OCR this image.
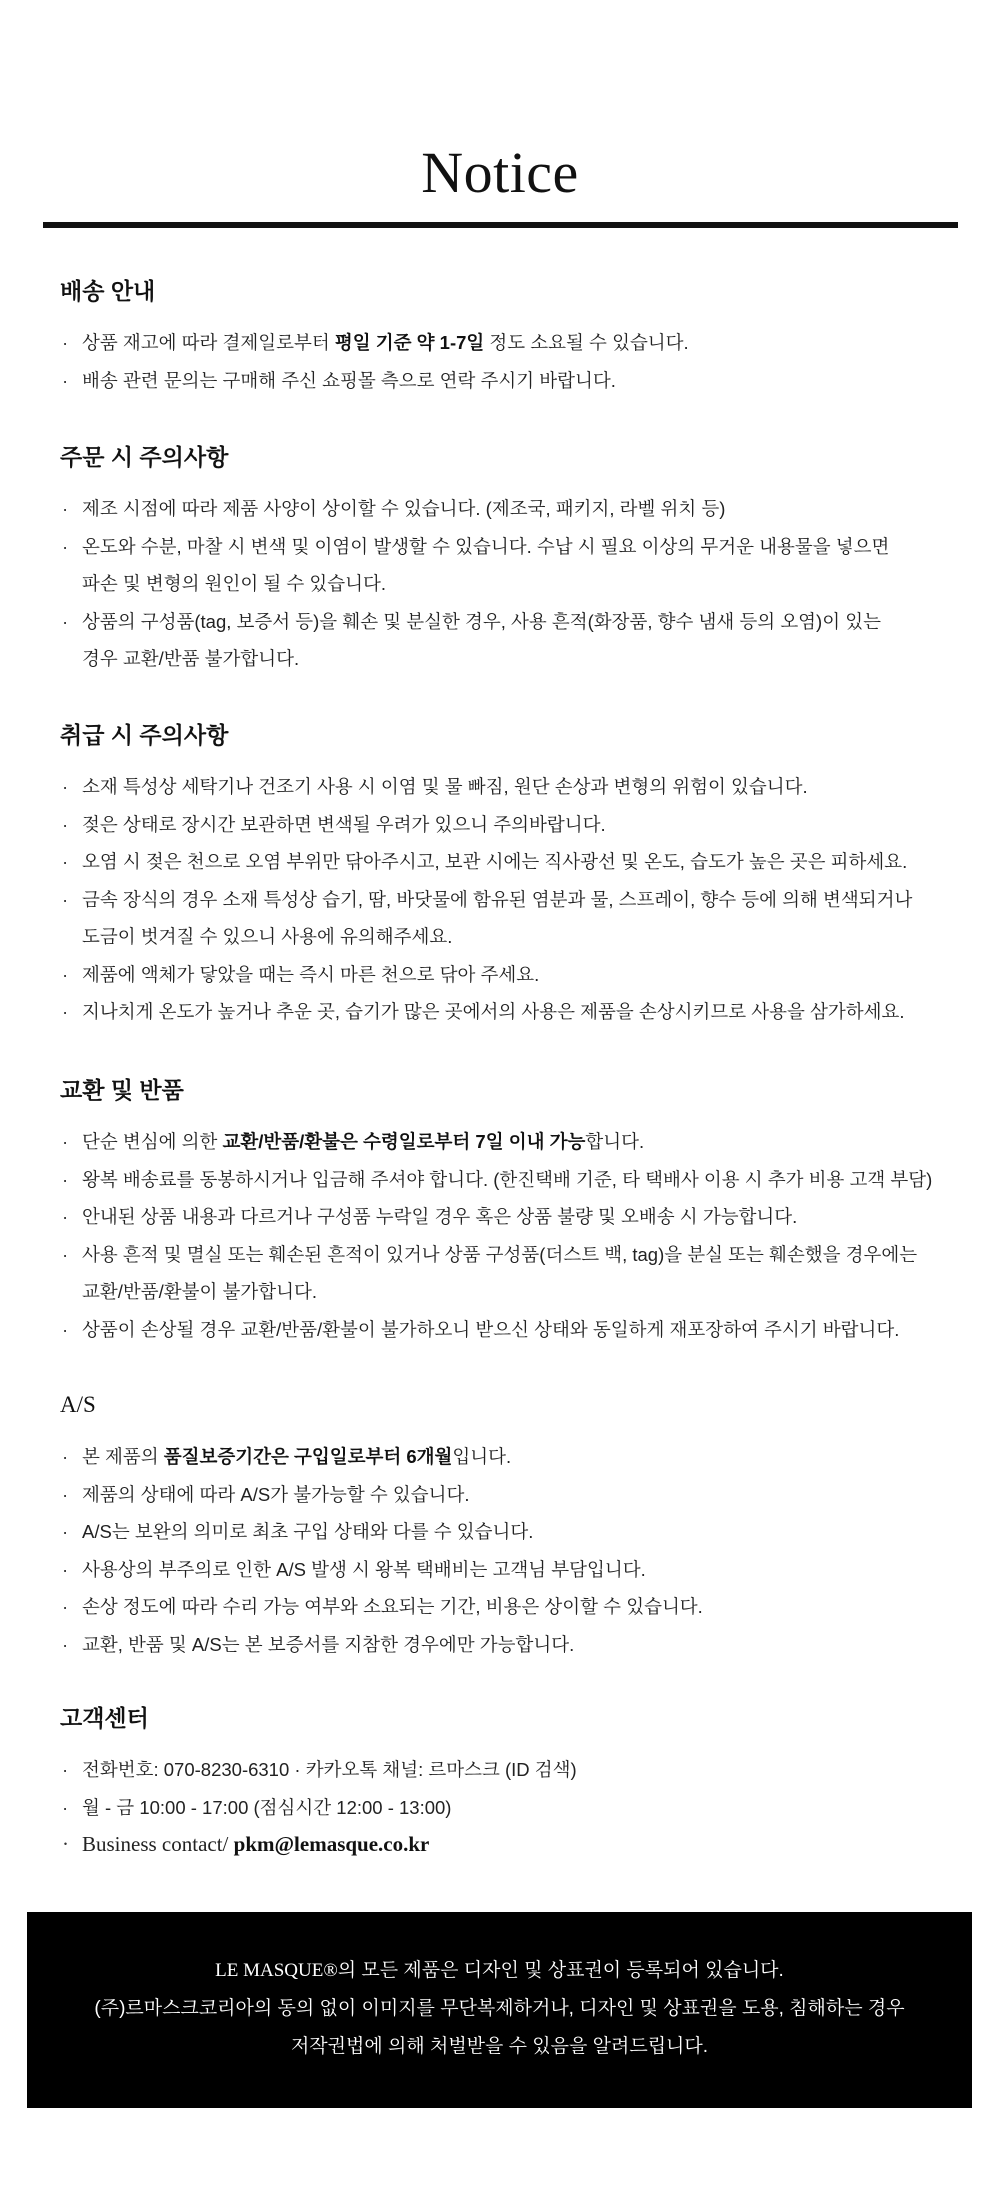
Notice
배송 안내
· 상품 재고에 따라 결제일로부터 평일 기준 약 1-7일 정도 소요될 수 있습니다.
· 배송 관련 문의는 구매해 주신 쇼핑몰 측으로 연락 주시기 바랍니다.
주문 시 주의사항
· 제조 시점에 따라 제품 사양이 상이할 수 있습니다. (제조국, 패키지, 라벨 위치 등)
· 온도와 수분, 마찰 시 변색 및 이염이 발생할 수 있습니다. 수납 시 필요 이상의 무거운 내용물을 넣으면
파손 및 변형의 원인이 될 수 있습니다.
· 상품의 구성품(tag, 보증서 등)을 훼손 및 분실한 경우, 사용 흔적(화장품, 향수 냄새 등의 오염)이 있는
경우 교환/반품 불가합니다.
취급 시 주의사항
· 소재 특성상 세탁기나 건조기 사용 시 이염 및 물 빠짐, 원단 손상과 변형의 위험이 있습니다.
· 젖은 상태로 장시간 보관하면 변색될 우려가 있으니 주의바랍니다.
· 오염 시 젖은 천으로 오염 부위만 닦아주시고, 보관 시에는 직사광선 및 온도, 습도가 높은 곳은 피하세요.
· 금속 장식의 경우 소재 특성상 습기, 땀, 바닷물에 함유된 염분과 물, 스프레이, 향수 등에 의해 변색되거나
도금이 벗겨질 수 있으니 사용에 유의해주세요.
· 제품에 액체가 닿았을 때는 즉시 마른 천으로 닦아 주세요.
· 지나치게 온도가 높거나 추운 곳, 습기가 많은 곳에서의 사용은 제품을 손상시키므로 사용을 삼가하세요.
교환 및 반품
· 단순 변심에 의한 교환/반품/환불은 수령일로부터 7일 이내 가능합니다.
· 왕복 배송료를 동봉하시거나 입금해 주셔야 합니다. (한진택배 기준, 타 택배사 이용 시 추가 비용 고객 부담)
· 안내된 상품 내용과 다르거나 구성품 누락일 경우 혹은 상품 불량 및 오배송 시 가능합니다.
· 사용 흔적 및 멸실 또는 훼손된 흔적이 있거나 상품 구성품(더스트 백, tag)을 분실 또는 훼손했을 경우에는
교환/반품/환불이 불가합니다.
· 상품이 손상될 경우 교환/반품/환불이 불가하오니 받으신 상태와 동일하게 재포장하여 주시기 바랍니다.
A/S
· 본 제품의 품질보증기간은 구입일로부터 6개월입니다.
· 제품의 상태에 따라 A/S가 불가능할 수 있습니다.
· A/S는 보완의 의미로 최초 구입 상태와 다를 수 있습니다.
· 사용상의 부주의로 인한 A/S 발생 시 왕복 택배비는 고객님 부담입니다.
· 손상 정도에 따라 수리 가능 여부와 소요되는 기간, 비용은 상이할 수 있습니다.
· 교환, 반품 및 A/S는 본 보증서를 지참한 경우에만 가능합니다.
고객센터
· 전화번호: 070-8230-6310 · 카카오톡 채널: 르마스크 (ID 검색)
· 월 - 금 10:00 - 17:00 (점심시간 12:00 - 13:00)
· Business contact/ pkm@lemasque.co.kr

LE MASQUE®의 모든 제품은 디자인 및 상표권이 등록되어 있습니다.

(주)르마스크코리아의 동의 없이 이미지를 무단복제하거나, 디자인 및 상표권을 도용, 침해하는 경우

저작권법에 의해 처벌받을 수 있음을 알려드립니다.
